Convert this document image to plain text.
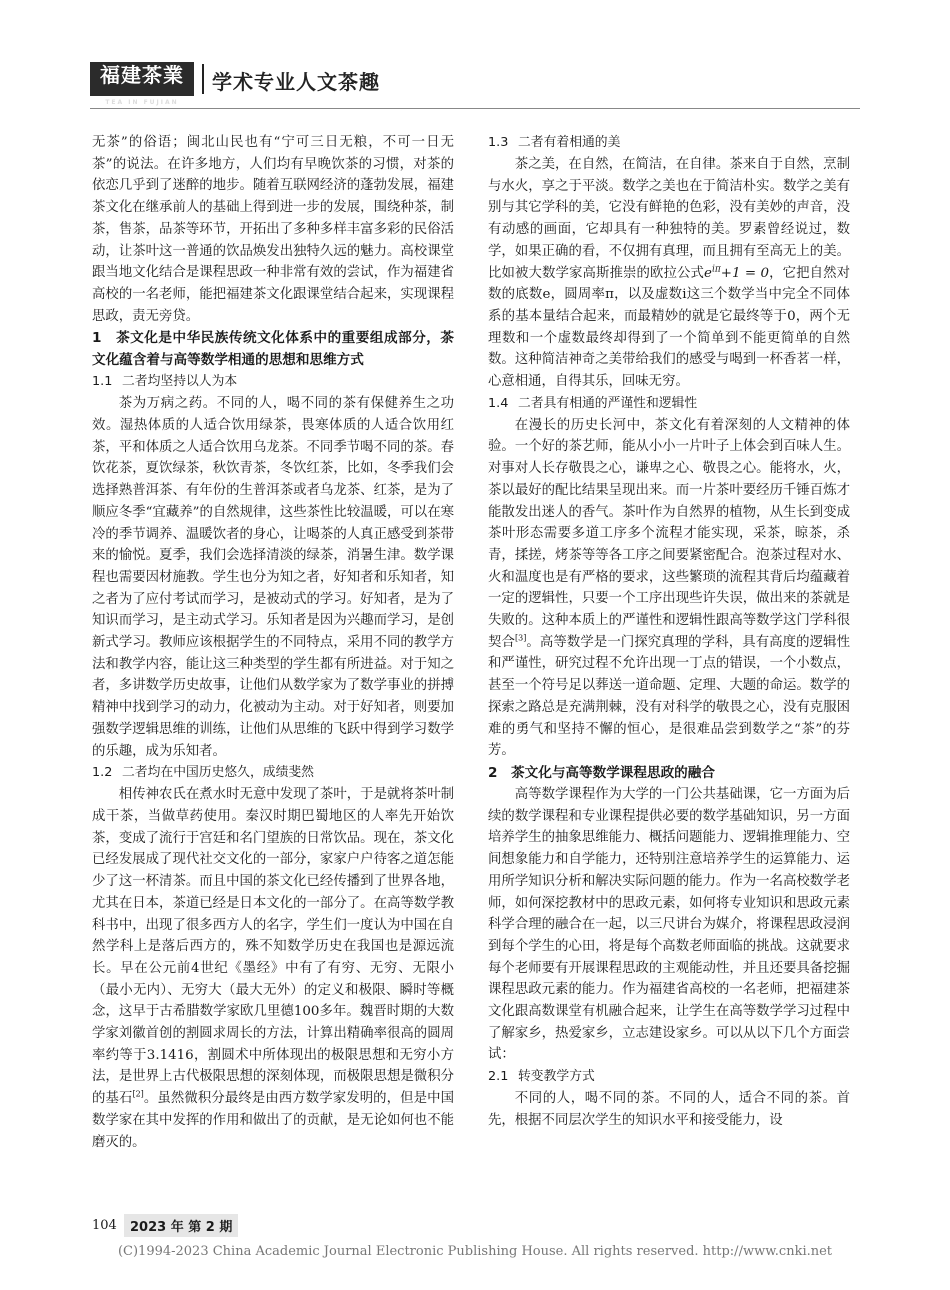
福建茶業
TEA IN FUJIAN
学术专业人文茶趣

无茶”的俗语；闽北山民也有“宁可三日无粮，不可一日无茶”的说法。在许多地方，人们均有早晚饮茶的习惯，对茶的依恋几乎到了迷醉的地步。随着互联网经济的蓬勃发展，福建茶文化在继承前人的基础上得到进一步的发展，围绕种茶，制茶，售茶，品茶等环节，开拓出了多种多样丰富多彩的民俗活动，让茶叶这一普通的饮品焕发出独特久远的魅力。高校课堂跟当地文化结合是课程思政一种非常有效的尝试，作为福建省高校的一名老师，能把福建茶文化跟课堂结合起来，实现课程思政，责无旁贷。

1　茶文化是中华民族传统文化体系中的重要组成部分，茶文化蕴含着与高等数学相通的思想和思维方式

1.1 二者均坚持以人为本

茶为万病之药。不同的人，喝不同的茶有保健养生之功效。湿热体质的人适合饮用绿茶，畏寒体质的人适合饮用红茶，平和体质之人适合饮用乌龙茶。不同季节喝不同的茶。春饮花茶，夏饮绿茶，秋饮青茶，冬饮红茶，比如，冬季我们会选择熟普洱茶、有年份的生普洱茶或者乌龙茶、红茶，是为了顺应冬季“宜藏养”的自然规律，这些茶性比较温暖，可以在寒冷的季节调养、温暖饮者的身心，让喝茶的人真正感受到茶带来的愉悦。夏季，我们会选择清淡的绿茶，消暑生津。数学课程也需要因材施教。学生也分为知之者，好知者和乐知者，知之者为了应付考试而学习，是被动式的学习。好知者，是为了知识而学习，是主动式学习。乐知者是因为兴趣而学习，是创新式学习。教师应该根据学生的不同特点，采用不同的教学方法和教学内容，能让这三种类型的学生都有所进益。对于知之者，多讲数学历史故事，让他们从数学家为了数学事业的拼搏精神中找到学习的动力，化被动为主动。对于好知者，则要加强数学逻辑思维的训练，让他们从思维的飞跃中得到学习数学的乐趣，成为乐知者。

1.2 二者均在中国历史悠久，成绩斐然

相传神农氏在煮水时无意中发现了茶叶，于是就将茶叶制成干茶，当做草药使用。秦汉时期巴蜀地区的人率先开始饮茶，变成了流行于宫廷和名门望族的日常饮品。现在，茶文化已经发展成了现代社交文化的一部分，家家户户待客之道怎能少了这一杯清茶。而且中国的茶文化已经传播到了世界各地，尤其在日本，茶道已经是日本文化的一部分了。在高等数学教科书中，出现了很多西方人的名字，学生们一度认为中国在自然学科上是落后西方的，殊不知数学历史在我国也是源远流长。早在公元前4世纪《墨经》中有了有穷、无穷、无限小（最小无内）、无穷大（最大无外）的定义和极限、瞬时等概念，这早于古希腊数学家欧几里德100多年。魏晋时期的大数学家刘徽首创的割圆求周长的方法，计算出精确率很高的圆周率约等于3.1416，割圆术中所体现出的极限思想和无穷小方法，是世界上古代极限思想的深刻体现，而极限思想是微积分的基石[2]。虽然微积分最终是由西方数学家发明的，但是中国数学家在其中发挥的作用和做出了的贡献，是无论如何也不能磨灭的。

1.3 二者有着相通的美

茶之美，在自然，在简洁，在自律。茶来自于自然，烹制与水火，享之于平淡。数学之美也在于简洁朴实。数学之美有别与其它学科的美，它没有鲜艳的色彩，没有美妙的声音，没有动感的画面，它却具有一种独特的美。罗素曾经说过，数学，如果正确的看，不仅拥有真理，而且拥有至高无上的美。比如被大数学家高斯推崇的欧拉公式$e^{i\pi}+1 = 0$，它把自然对数的底数e，圆周率π，以及虚数i这三个数学当中完全不同体系的基本量结合起来，而最精妙的就是它最终等于0，两个无理数和一个虚数最终却得到了一个简单到不能更简单的自然数。这种简洁神奇之美带给我们的感受与喝到一杯香茗一样，心意相通，自得其乐，回味无穷。

1.4 二者具有相通的严谨性和逻辑性

在漫长的历史长河中，茶文化有着深刻的人文精神的体验。一个好的茶艺师，能从小小一片叶子上体会到百味人生。对事对人长存敬畏之心，谦卑之心、敬畏之心。能将水，火，茶以最好的配比结果呈现出来。而一片茶叶要经历千锤百炼才能散发出迷人的香气。茶叶作为自然界的植物，从生长到变成茶叶形态需要多道工序多个流程才能实现，采茶，晾茶，杀青，揉搓，烤茶等等各工序之间要紧密配合。泡茶过程对水、火和温度也是有严格的要求，这些繁琐的流程其背后均蕴藏着一定的逻辑性，只要一个工序出现些许失误，做出来的茶就是失败的。这种本质上的严谨性和逻辑性跟高等数学这门学科很契合[3]。高等数学是一门探究真理的学科，具有高度的逻辑性和严谨性，研究过程不允许出现一丁点的错误，一个小数点，甚至一个符号足以葬送一道命题、定理、大题的命运。数学的探索之路总是充满荆棘，没有对科学的敬畏之心，没有克服困难的勇气和坚持不懈的恒心，是很难品尝到数学之“茶”的芬芳。

2　茶文化与高等数学课程思政的融合

高等数学课程作为大学的一门公共基础课，它一方面为后续的数学课程和专业课程提供必要的数学基础知识，另一方面培养学生的抽象思维能力、概括问题能力、逻辑推理能力、空间想象能力和自学能力，还特别注意培养学生的运算能力、运用所学知识分析和解决实际问题的能力。作为一名高校数学老师，如何深挖教材中的思政元素，如何将专业知识和思政元素科学合理的融合在一起，以三尺讲台为媒介，将课程思政浸润到每个学生的心田，将是每个高数老师面临的挑战。这就要求每个老师要有开展课程思政的主观能动性，并且还要具备挖掘课程思政元素的能力。作为福建省高校的一名老师，把福建茶文化跟高数课堂有机融合起来，让学生在高等数学学习过程中了解家乡，热爱家乡，立志建设家乡。可以从以下几个方面尝试：

2.1 转变教学方式

不同的人，喝不同的茶。不同的人，适合不同的茶。首先，根据不同层次学生的知识水平和接受能力，设

104	2023 年 第 2 期
(C)1994-2023 China Academic Journal Electronic Publishing House. All rights reserved. http://www.cnki.net
